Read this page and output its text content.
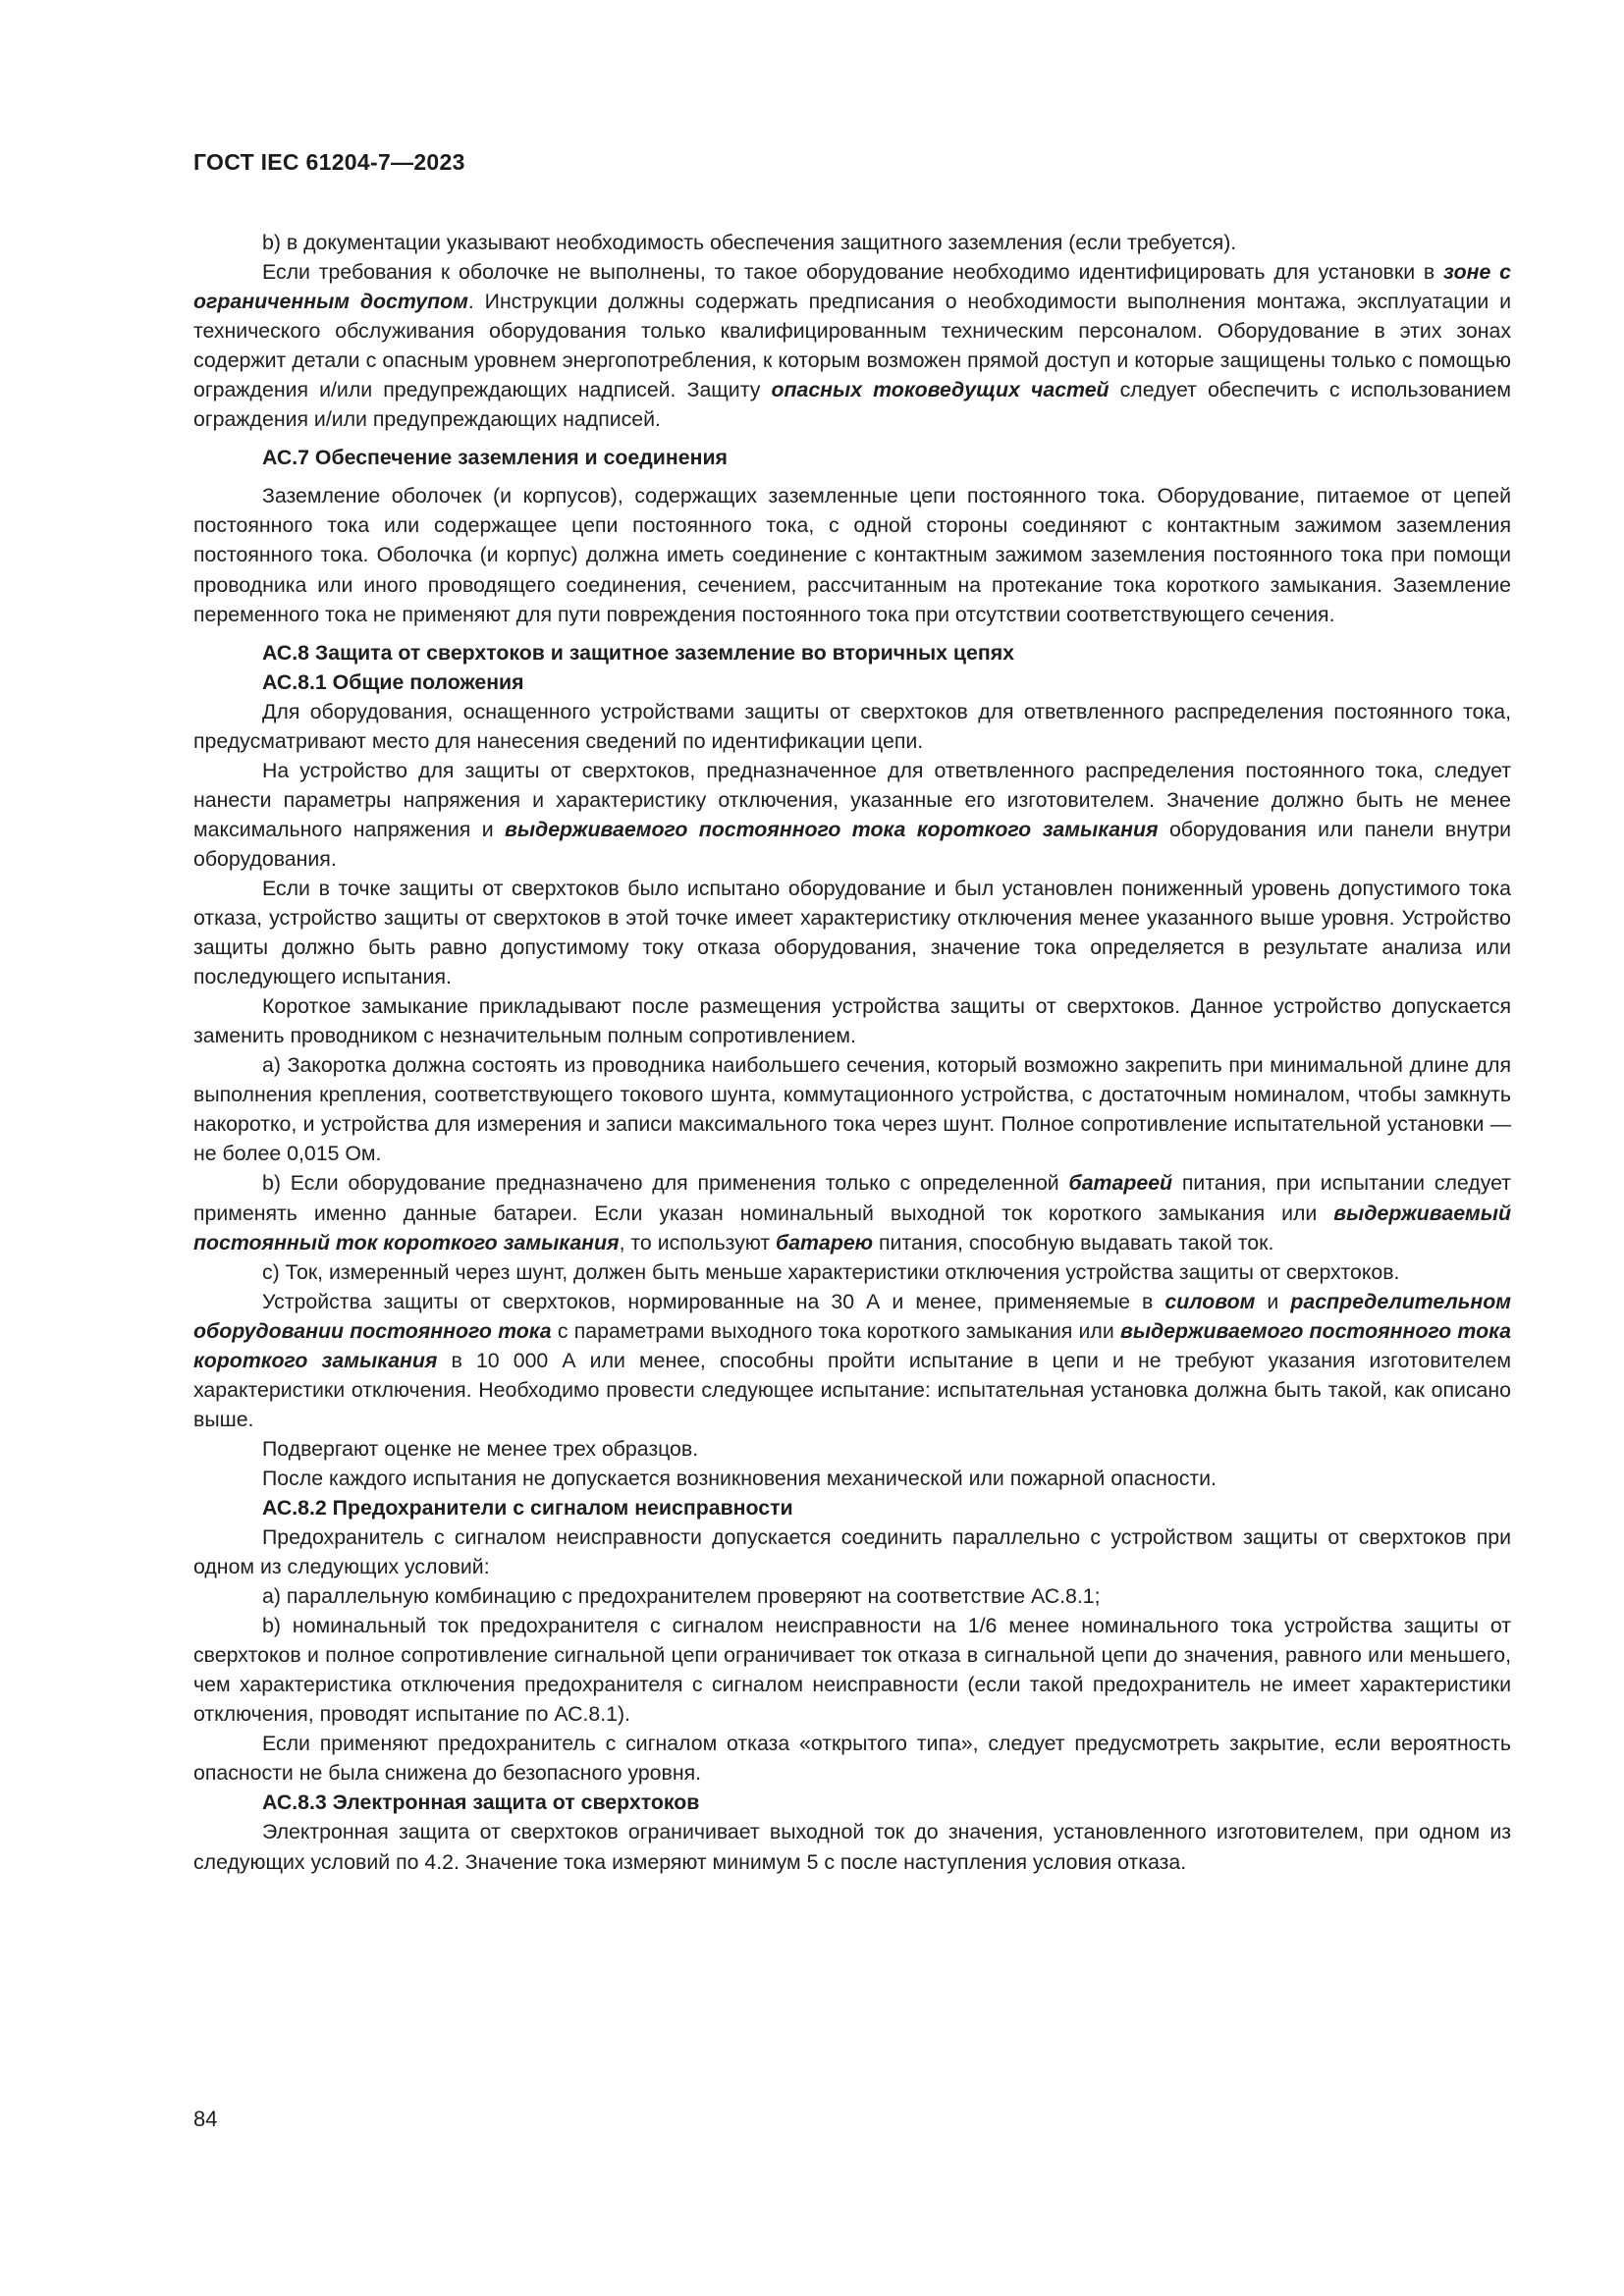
ГОСТ IEC 61204-7—2023

b) в документации указывают необходимость обеспечения защитного заземления (если требуется).

Если требования к оболочке не выполнены, то такое оборудование необходимо идентифицировать для установки в зоне с ограниченным доступом. Инструкции должны содержать предписания о необходимости выполнения монтажа, эксплуатации и технического обслуживания оборудования только квалифицированным техническим персоналом. Оборудование в этих зонах содержит детали с опасным уровнем энергопотребления, к которым возможен прямой доступ и которые защищены только с помощью ограждения и/или предупреждающих надписей. Защиту опасных токоведущих частей следует обеспечить с использованием ограждения и/или предупреждающих надписей.

АС.7 Обеспечение заземления и соединения

Заземление оболочек (и корпусов), содержащих заземленные цепи постоянного тока. Оборудование, питаемое от цепей постоянного тока или содержащее цепи постоянного тока, с одной стороны соединяют с контактным зажимом заземления постоянного тока. Оболочка (и корпус) должна иметь соединение с контактным зажимом заземления постоянного тока при помощи проводника или иного проводящего соединения, сечением, рассчитанным на протекание тока короткого замыкания. Заземление переменного тока не применяют для пути повреждения постоянного тока при отсутствии соответствующего сечения.

АС.8 Защита от сверхтоков и защитное заземление во вторичных цепях

АС.8.1 Общие положения

Для оборудования, оснащенного устройствами защиты от сверхтоков для ответвленного распределения постоянного тока, предусматривают место для нанесения сведений по идентификации цепи.

На устройство для защиты от сверхтоков, предназначенное для ответвленного распределения постоянного тока, следует нанести параметры напряжения и характеристику отключения, указанные его изготовителем. Значение должно быть не менее максимального напряжения и выдерживаемого постоянного тока короткого замыкания оборудования или панели внутри оборудования.

Если в точке защиты от сверхтоков было испытано оборудование и был установлен пониженный уровень допустимого тока отказа, устройство защиты от сверхтоков в этой точке имеет характеристику отключения менее указанного выше уровня. Устройство защиты должно быть равно допустимому току отказа оборудования, значение тока определяется в результате анализа или последующего испытания.

Короткое замыкание прикладывают после размещения устройства защиты от сверхтоков. Данное устройство допускается заменить проводником с незначительным полным сопротивлением.

a) Закоротка должна состоять из проводника наибольшего сечения, который возможно закрепить при минимальной длине для выполнения крепления, соответствующего токового шунта, коммутационного устройства, с достаточным номиналом, чтобы замкнуть накоротко, и устройства для измерения и записи максимального тока через шунт. Полное сопротивление испытательной установки — не более 0,015 Ом.

b) Если оборудование предназначено для применения только с определенной батареей питания, при испытании следует применять именно данные батареи. Если указан номинальный выходной ток короткого замыкания или выдерживаемый постоянный ток короткого замыкания, то используют батарею питания, способную выдавать такой ток.

c) Ток, измеренный через шунт, должен быть меньше характеристики отключения устройства защиты от сверхтоков.

Устройства защиты от сверхтоков, нормированные на 30 А и менее, применяемые в силовом и распределительном оборудовании постоянного тока с параметрами выходного тока короткого замыкания или выдерживаемого постоянного тока короткого замыкания в 10 000 А или менее, способны пройти испытание в цепи и не требуют указания изготовителем характеристики отключения. Необходимо провести следующее испытание: испытательная установка должна быть такой, как описано выше.

Подвергают оценке не менее трех образцов.

После каждого испытания не допускается возникновения механической или пожарной опасности.

АС.8.2 Предохранители с сигналом неисправности

Предохранитель с сигналом неисправности допускается соединить параллельно с устройством защиты от сверхтоков при одном из следующих условий:

a) параллельную комбинацию с предохранителем проверяют на соответствие АС.8.1;

b) номинальный ток предохранителя с сигналом неисправности на 1/6 менее номинального тока устройства защиты от сверхтоков и полное сопротивление сигнальной цепи ограничивает ток отказа в сигнальной цепи до значения, равного или меньшего, чем характеристика отключения предохранителя с сигналом неисправности (если такой предохранитель не имеет характеристики отключения, проводят испытание по АС.8.1).

Если применяют предохранитель с сигналом отказа «открытого типа», следует предусмотреть закрытие, если вероятность опасности не была снижена до безопасного уровня.

АС.8.3 Электронная защита от сверхтоков

Электронная защита от сверхтоков ограничивает выходной ток до значения, установленного изготовителем, при одном из следующих условий по 4.2. Значение тока измеряют минимум 5 с после наступления условия отказа.

84
